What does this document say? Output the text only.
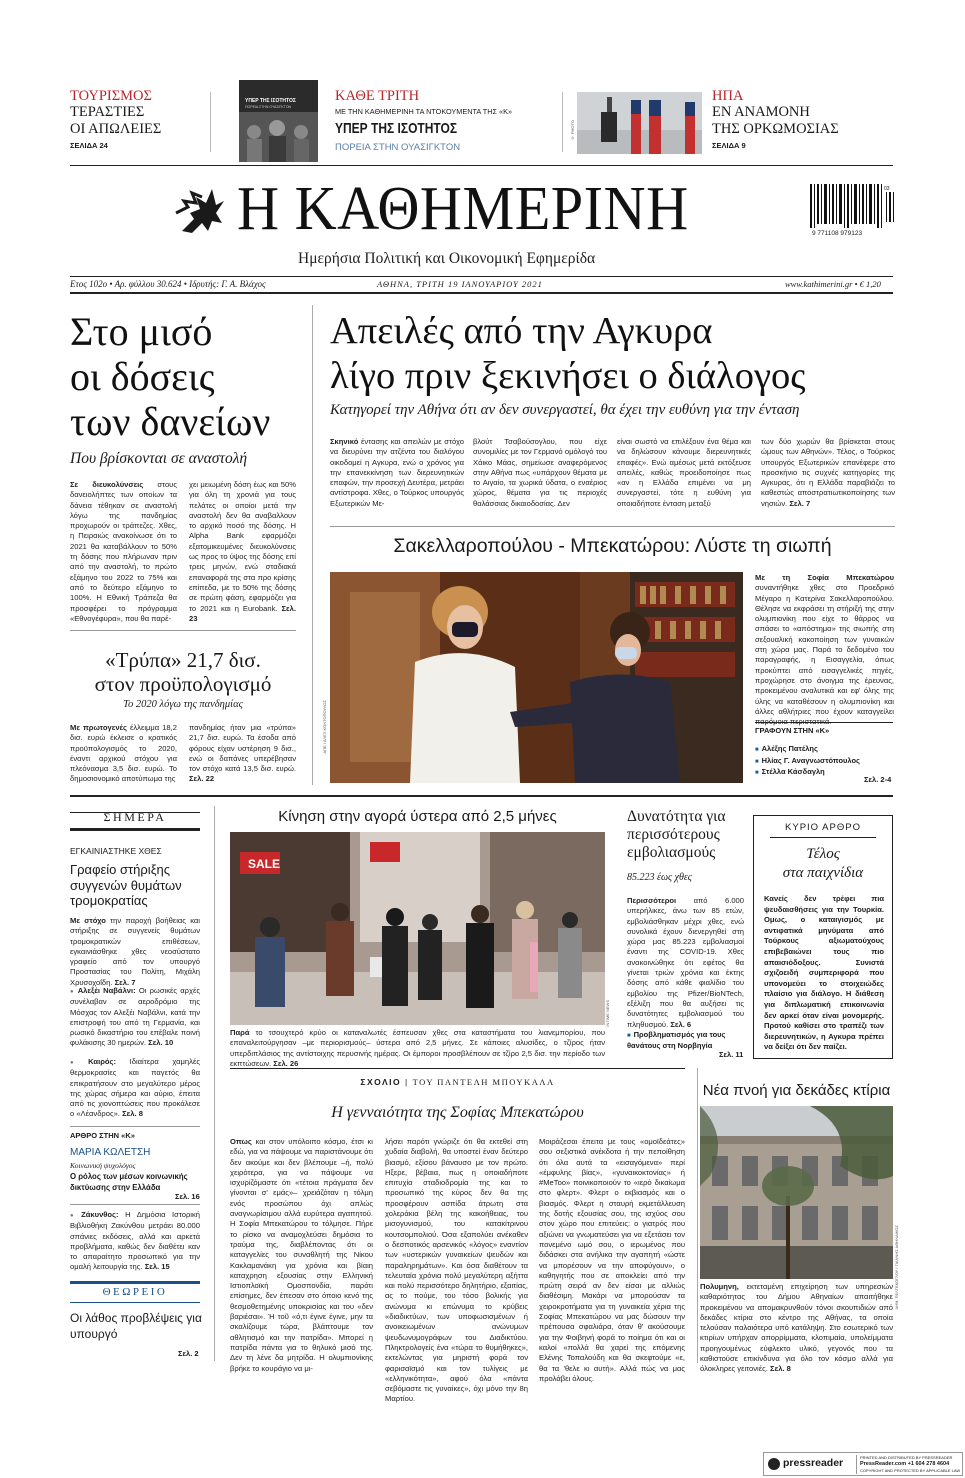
ΤΟΥΡΙΣΜΟΣ
ΤΕΡΑΣΤΙΕΣ
ΟΙ ΑΠΩΛΕΙΕΣ
ΣΕΛΙΔΑ 24
ΥΠΕΡ ΤΗΣ ΙΣΟΤΗΤΟΣ
ΠΟΡΕΙΑ ΣΤΗΝ ΟΥΑΣΙΓΚΤΟΝ
ΚΑΘΕ ΤΡΙΤΗ
ΜΕ ΤΗΝ ΚΑΘΗΜΕΡΙΝΗ ΤΑ ΝΤΟΚΟΥΜΕΝΤΑ ΤΗΣ «Κ»
ΥΠΕΡ ΤΗΣ ΙΣΟΤΗΤΟΣ
ΠΟΡΕΙΑ ΣΤΗΝ ΟΥΑΣΙΓΚΤΟΝ
© ΡΗΟΤΟ
ΗΠΑ
ΕΝ ΑΝΑΜΟΝΗ
ΤΗΣ ΟΡΚΩΜΟΣΙΑΣ
ΣΕΛΙΔΑ 9
Η ΚΑΘΗΜΕΡΙΝΗ
Ημερήσια Πολιτική και Οικονομική Εφημερίδα
9 771108 979123
03
Ετος 102ο • Αρ. φύλλου 30.624 • Ιδρυτής: Γ. Α. Βλάχος	ΑΘΗΝΑ, ΤΡΙΤΗ 19 ΙΑΝΟΥΑΡΙΟΥ 2021	www.kathimerini.gr • € 1,20
Στο μισό
οι δόσεις
των δανείων
Που βρίσκονται σε αναστολή
Σε διευκολύνσεις στους δανειολήπτες των οποίων τα δάνεια τέθηκαν σε αναστολή λόγω της πανδημίας προχωρούν οι τράπεζες. Χθες, η Πειραιώς ανακοίνωσε ότι το 2021 θα καταβάλλουν το 50% τη δόσης που πλήρωναν πριν από την αναστολή, το πρώτο εξάμηνο του 2022 το 75% και από το δεύτερο εξάμηνο το 100%. Η Εθνική Τράπεζα θα προσφέρει το πρόγραμμα «Εθνογέφυρα», που θα παρέ-
χει μειωμένη δόση έως και 50% για όλη τη χρονιά για τους πελάτες οι οποίοι μετά την αναστολή δεν θα αναβαλλουν το αρχικό ποσό της δόσης. Η Alpha Bank εφαρμόζει εξατομικευμένες διευκολύνσεις ως προς το ύψος της δόσης επί τρεις μηνών, ενώ σταδιακά επαναφορά της στα προ κρίσης επίπεδα, με το 50% της δόσης σε πρώτη φάση, εφαρμόζει για το 2021 και η Eurobank. Σελ. 23
«Τρύπα» 21,7 δισ.
στον προϋπολογισμό
Το 2020 λόγω της πανδημίας
Με πρωτογενές έλλειμμα 18,2 δισ. ευρώ έκλεισε ο κρατικός προϋπολογισμός το 2020, έναντι αρχικού στόχου για πλεόνασμα 3,5 δισ. ευρώ. Το δημοσιονομικό αποτύπωμα της
πανδημίας ήταν μια «τρύπα» 21,7 δισ. ευρώ. Τα έσοδα από φόρους είχαν υστέρηση 9 δισ., ενώ οι δαπάνες υπερέβησαν τον στόχο κατά 13,5 δισ. ευρώ. Σελ. 22
Απειλές από την Αγκυρα
λίγο πριν ξεκινήσει ο διάλογος
Κατηγορεί την Αθήνα ότι αν δεν συνεργαστεί, θα έχει την ευθύνη για την ένταση
Σκηνικό έντασης και απειλών με στόχο να διευρύνει την ατζέντα του διαλόγου οικοδομεί η Αγκυρα, ενώ ο χρόνος για την επανεκκίνηση των διερευνητικών επαφών, την προσεχή Δευτέρα, μετράει αντίστροφα. Χθες, ο Τούρκος υπουργός Εξωτερικών Με-
βλούτ Τσαβούσογλου, που είχε συνομιλίες με τον Γερμανό ομόλογό του Χάικο Μάας, σημείωσε αναφερόμενος στην Αθήνα πως «υπάρχουν θέματα με το Αιγαίο, τα χωρικά ύδατα, ο εναέριος χώρος, θέματα για τις περιοχές θαλάσσιας δικαιοδοσίας. Δεν
είναι σωστό να επιλέξουν ένα θέμα και να δηλώσουν κάνουμε διερευνητικές επαφές». Ενώ αμέσως μετά εκτόξευσε απειλές, καθώς προειδοποίησε πως «αν η Ελλάδα επιμένει να μη συνεργαστεί, τότε η ευθύνη για οποιαδήποτε ένταση μεταξύ
των δύο χωρών θα βρίσκεται στους ώμους των Αθηνών». Τέλος, ο Τούρκος υπουργός Εξωτερικών επανέφερε στο προσκήνιο τις συχνές κατηγορίες της Αγκυρας, ότι η Ελλάδα παραβιάζει το καθεστώς αποστρατιωτικοποίησης των νησιών. Σελ. 7
Σακελλαροπούλου - Μπεκατώρου: Λύστε τη σιωπή
ΑΠΕ / ΑΛΕΞ ΚΟΝΤΟΠΟΥΛΟΣ
Με τη Σοφία Μπεκατώρου συναντήθηκε χθες στο Προεδρικό Μέγαρο η Κατερίνα Σακελλαροπούλου. Θέλησε να εκφράσει τη στήριξή της στην ολυμπιονίκη που είχε το θάρρος να σπάσει το «απόστημα» της σιωπής στη σεξουαλική κακοποίηση των γυναικών στη χώρα μας. Παρά το δεδομένο του παραγραφής, η Εισαγγελία, όπως προκύπτει από εισαγγελικές πηγές, προχώρησε στο άνοιγμα της έρευνας, προκειμένου αναλυτικά και εφ' όλης της ύλης να καταθέσουν η ολυμπιονίκη και άλλες αθλήτριες που έχουν καταγγείλει
ΓΡΑΦΟΥΝ ΣΤΗΝ «Κ»
■ Αλέξης Πατέλης
■ Ηλίας Γ. Αναγνωστόπουλος
■ Στέλλα Κάσδαγλη
Σελ. 2-4
ΣΗΜΕΡΑ
ΕΓΚΑΙΝΙΑΣΤΗΚΕ ΧΘΕΣ
Γραφείο στήριξης συγγενών θυμάτων τρομοκρατίας
Με στόχο την παροχή βοήθειας και στήριξης σε συγγενείς θυμάτων τρομοκρατικών επιθέσεων, εγκαινιάσθηκε χθες νεοσύστατο γραφείο από τον υπουργό Προστασίας του Πολίτη, Μιχάλη Χρυσοχοΐδη. Σελ. 7
● Αλεξέι Ναβάλνι: Οι ρωσικές αρχές συνέλαβαν σε αεροδρόμιο της Μόσχας τον Αλεξέι Ναβάλνι, κατά την επιστροφή του από τη Γερμανία, και ρωσικό δικαστήριο του επέβαλε ποινή φυλάκισης 30 ημερών. Σελ. 10
● Καιρός: Ιδιαίτερα χαμηλές θερμοκρασίες και παγετός θα επικρατήσουν στο μεγαλύτερο μέρος της χώρας σήμερα και αύριο, έπειτα από τις χιονοπτώσεις που προκάλεσε ο «Λέανδρος». Σελ. 8
ΑΡΘΡΟ ΣΤΗΝ «Κ»
ΜΑΡΙΑ ΚΩΛΕΤΣΗ
Κοινωνική ψυχολόγος
Ο ρόλος των μέσων κοινωνικής δικτύωσης στην Ελλάδα
Σελ. 16
● Ζάκυνθος: Η Δημόσια Ιστορική Βιβλιοθήκη Ζακύνθου μετράει 80.000 σπάνιες εκδόσεις, αλλά και αρκετά προβλήματα, καθώς δεν διαθέτει καν το απαραίτητο προσωπικό για την ομαλή λειτουργία της. Σελ. 15
ΘΕΩΡΕΙΟ
Οι λάθος προβλέψεις για υπουργό
Σελ. 2
Κίνηση στην αγορά ύστερα από 2,5 μήνες
SALE
INTIME NEWS
Παρά το τσουχτερό κρύο οι καταναλωτές έσπευσαν χθες στα καταστήματα του λιανεμπορίου, που επαναλειτούργησαν –με περιορισμούς– ύστερα από 2,5 μήνες. Σε κάποιες αλυσίδες, ο τζίρος ήταν υπερδιπλάσιος της αντίστοιχης περυσινής ημέρας. Οι έμποροι προσβλέπουν σε τζίρο 2,5 δισ. την περίοδο των εκπτώσεων. Σελ. 26
Δυνατότητα για περισσότερους εμβολιασμούς
85.223 έως χθες
Περισσότεροι από 6.000 υπερήλικες, άνω των 85 ετών, εμβολιάσθηκαν μέχρι χθες, ενώ συνολικά έχουν διενεργηθεί στη χώρα μας 85.223 εμβολιασμοί έναντι της COVID-19. Χθες ανακοινώθηκε ότι εφέτος θα γίνεται τριών χρόνια και έκτης δόσης από κάθε φιαλίδιο του εμβολίου της Pfizer/BioNTech, εξέλιξη που θα αυξήσει τις δυνατότητες εμβολιασμού του πληθυσμού. Σελ. 6
■ Προβληματισμός για τους θανάτους στη Νορβηγία
Σελ. 11
ΚΥΡΙΟ ΑΡΘΡΟ
Τέλος
στα παιχνίδια
Κανείς δεν τρέφει πια ψευδαισθήσεις για την Τουρκία. Ομως, ο καταιγισμός με αντιφατικά μηνύματα από Τούρκους αξιωματούχους επιβεβαιώνει τους πιο απαισιόδοξους. Συνιστά σχιζοειδή συμπεριφορά που υπονομεύει το στοιχειώδες πλαίσιο για διάλογο. Η διάθεση για διπλωματική επικοινωνία δεν αρκεί όταν είναι μονομερής. Προτού καθίσει στο τραπέζι των διερευνητικών, η Αγκυρα πρέπει να δείξει ότι δεν παίζει.
ΣΧΟΛΙΟ | ΤΟΥ ΠΑΝΤΕΛΗ ΜΠΟΥΚΑΛΑ
Η γενναιότητα της Σοφίας Μπεκατώρου
Οπως και στον υπόλοιπο κόσμο, έτσι κι εδώ, για να πάψουμε να παριστάνουμε ότι δεν ακούμε και δεν βλέπουμε –ή, πολύ χειρότερα, για να πάψουμε να ισχυρίζόμαστε ότι «τέτοια πράγματα δεν γίνονται σ' εμάς»– χρειάζόταν η τόλμη ενός προσώπου όχι απλώς αναγνωρίσιμου αλλά ευρύτερα αγαπητού. Η Σοφία Μπεκατώρου το τόλμησε. Πήρε το ρίσκο να αναμοχλεύσει δημόσια το τραύμα της, διαβλέποντας ότι οι καταγγελίες του συναθλητή της Νίκου Κακλαμανάκη για χρόνια και βίαιη καταχρηση εξουσίας στην Ελληνική Ιστιοπλοϊκή Ομοσπονδία, παρότι επίσημες, δεν έπεσαν στο όποιο κενό της θεσμοθετημένης υποκρισίας και του «δεν βαριέσαι». Ή τοῦ «ό,τι έγινε έγινε, μην τα σκαλίζουμε τώρα, βλάπτουμε τον αθλητισμό και την πατρίδα». Μπορεί η πατρίδα πάντα για το θηλυκό μισό της. Δεν τη λένε δα μητρίδα. Η ολυμπιονίκης βρήκε το κουράγιο να μι-
λήσει παρότι γνώριζε ότι θα εκτεθεί στη χυδαία διαβολή, θα υποστεί έναν δεύτερο βιασμό, εξίσου βάναυσο με τον πρώτο. Ηξερε, βέβαια, πως η οποιαδήποτε επιτυχία σταδιοδρομία της και το προσωπικό της κύρος δεν θα της προσφέρουν ασπίδα άτρωτη στα χολεράκια βέλη της κακοήθειας, του μισογυνισμού, του κατακίτρινου κουτσομπολιού. Όσα εξαπολύει ανέκαθεν ο δεσποτικός αρσενικός «λόγος» εναντίον των «υστερικών γυναικείων ψευδών και παραληρημάτων». Και όσα διαθέτουν τα τελευταία χρόνια πολύ μεγαλύτερη αξήττα και πολύ περισσότερο δηλητήριο, εξαιτίας, ας το πούμε, του τόσο βολικής για ανώνυμα κι επώνυμα το κρύβεις «διαδικτύων, των υποφωσισμένων ή ανοικειωμένων ανώνυμων ψευδωνυμογράφων του Διαδικτύου. Πληκτρολογείς ένα «τώρα το θυμήθηκες», εκτελώντας για μηριστή φορά τον φαρισαϊσμό και τον τυλίγεις με «ελληνικότητα», αφού όλα «πάντα σεβόμαστε τις γυναίκες», όχι μόνο την 8η Μαρτίου.
Μοιράζεσαι έπειτα με τους «ομοϊδεάτες» σου σεξιστικά ανέκδοτα ή την πεποίθηση ότι όλα αυτά τα «εισαγόμενα» περί «έμφυλης βίας», «γυναικοκτονίας» ή #ΜeToo» ποινικοποιούν το «ιερό δικαίωμα στο φλερτ». Φλερτ ο εκβιασμός και ο βιασμός. Φλερτ η σταυρή εκμετάλλευση της δοτής εξουσίας σου, της ισχύος σου στον χώρο που επιτεύεις: ο γιατρός που αξιώνει να γνωματεύσει για να εξετάσει τον πονεμένο ωμό σου, ο ιερωμένος που διδάσκει στα ανήλικα την αγαπητή «ώστε να μπορέσουν να την αποφύγουν», ο καθηγητής που σε αποκλείει από την πρώτη σειρά αν δεν είσαι με αλλιώς διαθέσιμη. Μακάρι να μπορούσαν τα χειροκροτήματα για τη γυναικεία χέρια της Σοφίας Μπεκατώρου να μας δώσουν την πρέπουσα σφαλιάρα, όταν θ' ακούσουμε για την Φοιβηνή φορά το ποίημα ότι και οι καλοί «πολλά θα χαρεί της επόμενης Ελένης Τοπαλούδη και θα σκεφτούμε «ε, θα τα 'θελε κι αυτή». Αλλά πώς να μας προλάβει όλους.
Νέα πνοή για δεκάδες κτίρια
ΔΗΜ. ΠΕΛΤΕΚΟΓΛΟΥ / ΓΙΑΝΝΗΣ ΑΘΗΝΑΙΚΟΣ
Πολυμηνη, εκτεταμένη επιχείρηση των υπηρεσιών καθαριότητας του Δήμου Αθηναίων απαιτήθηκε προκειμένου να απομακρυνθούν τόνοι σκουπιδιών από δεκάδες κτίρια στο κέντρο της Αθήνας, τα οποία τελούσαν παλαιότερα υπό κατάληψη. Στο εσωτερικό των κτιρίων υπήρχαν απορρίμματα, κλοπιμαία, υπολείμματα προηγουμένως εύφλεκτο υλικό, γεγονός που τα καθιστούσε επικίνδυνα για όλο τον κόσμο αλλά για όλοκληρες γειτονιές. Σελ. 8
pressreader	PRINTED AND DISTRIBUTED BY PRESSREADER
PressReader.com +1 604 278 4604
COPYRIGHT AND PROTECTED BY APPLICABLE LAW
